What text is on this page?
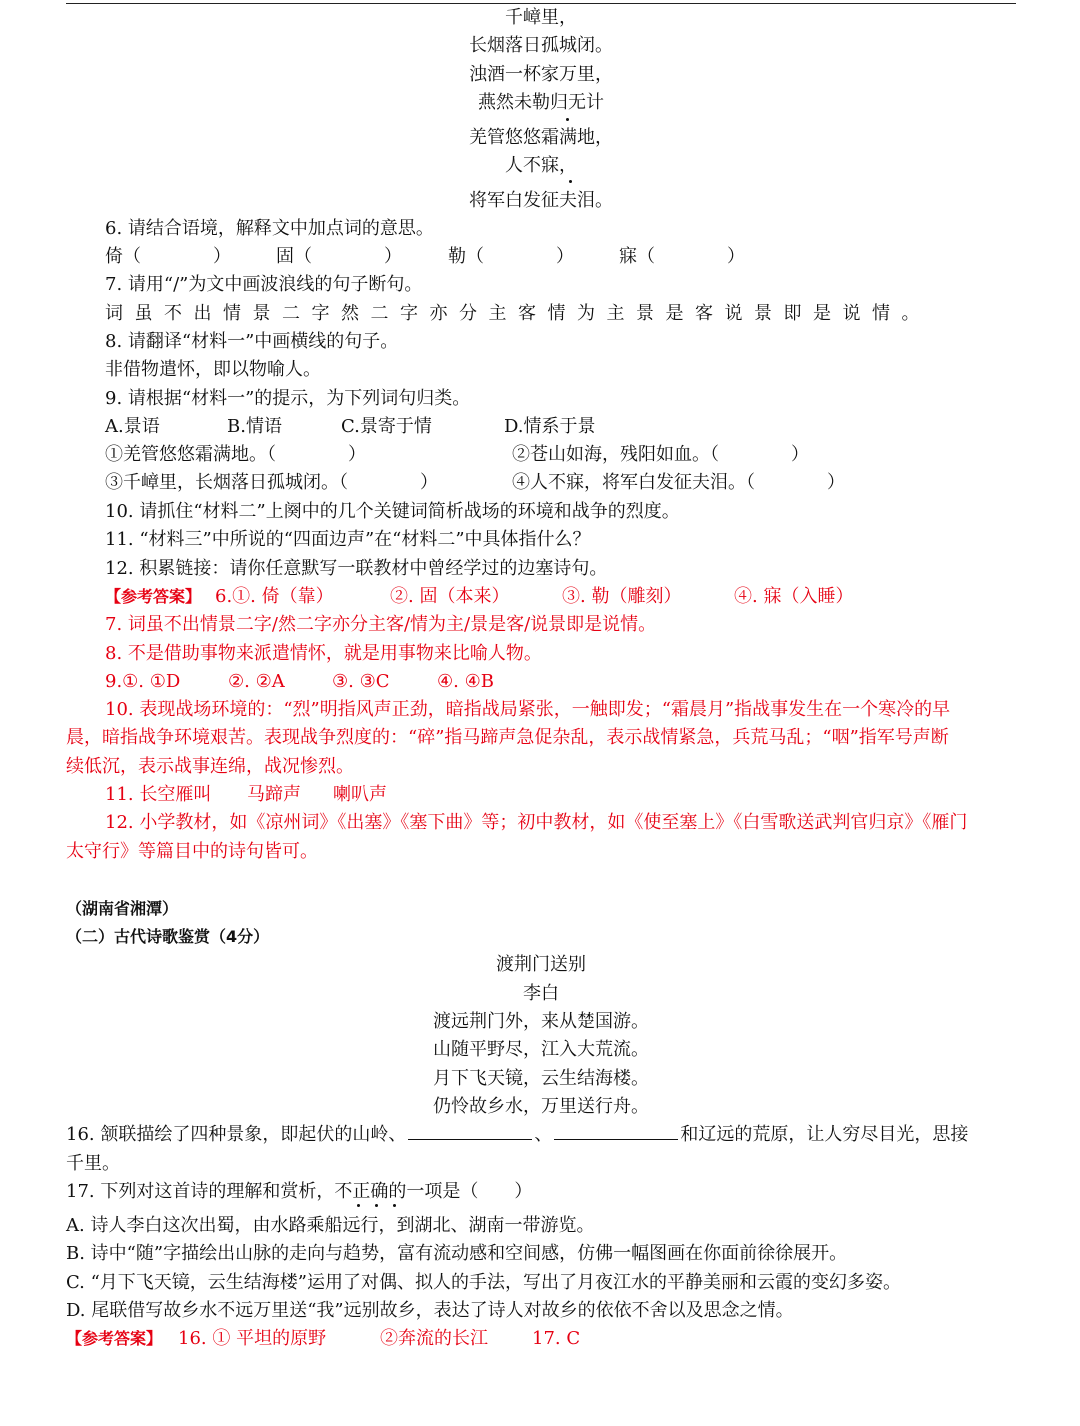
千嶂里，
长烟落日孤城闭。
浊酒一杯家万里，
燕然未勒归无计
羌管悠悠霜满地，
人不寐，
将军白发征夫泪。
6. 请结合语境，解释文中加点词的意思。
倚（　　　　）	固（　　　　）	勒（　　　　）	寐（　　　　）
7. 请用“/”为文中画波浪线的句子断句。
词虽不出情景二字然二字亦分主客情为主景是客说景即是说情。
8. 请翻译“材料一”中画横线的句子。
非借物遣怀，即以物喻人。
9. 请根据“材料一”的提示，为下列词句归类。
A.景语	B.情语	C.景寄于情	D.情系于景
①羌管悠悠霜满地。（　　　　）	②苍山如海，残阳如血。（　　　　）
③千嶂里，长烟落日孤城闭。（　　　　）	④人不寐，将军白发征夫泪。（　　　　）
10. 请抓住“材料二”上阕中的几个关键词简析战场的环境和战争的烈度。
11. “材料三”中所说的“四面边声”在“材料二”中具体指什么？
12. 积累链接：请你任意默写一联教材中曾经学过的边塞诗句。
【参考答案】 6.①. 倚（靠）	②. 固（本来）	③. 勒（雕刻）	④. 寐（入睡）
7. 词虽不出情景二字/然二字亦分主客/情为主/景是客/说景即是说情。
8. 不是借助事物来派遣情怀，就是用事物来比喻人物。
9.①. ①D	②. ②A	③. ③C	④. ④B
10. 表现战场环境的：“烈”明指风声正劲，暗指战局紧张，一触即发；“霜晨月”指战事发生在一个寒冷的早
晨，暗指战争环境艰苦。表现战争烈度的：“碎”指马蹄声急促杂乱，表示战情紧急，兵荒马乱；“咽”指军号声断
续低沉，表示战事连绵，战况惨烈。
11. 长空雁叫 马蹄声 喇叭声
12. 小学教材，如《凉州词》《出塞》《塞下曲》等；初中教材，如《使至塞上》《白雪歌送武判官归京》《雁门
太守行》等篇目中的诗句皆可。
（湖南省湘潭）
（二）古代诗歌鉴赏（4分）
渡荆门送别
李白
渡远荆门外，来从楚国游。
山随平野尽，江入大荒流。
月下飞天镜，云生结海楼。
仍怜故乡水，万里送行舟。
16. 颔联描绘了四种景象，即起伏的山岭、	、	和辽远的荒原，让人穷尽目光，思接
千里。
17. 下列对这首诗的理解和赏析，不正确的一项是（　　）
A. 诗人李白这次出蜀，由水路乘船远行，到湖北、湖南一带游览。
B. 诗中“随”字描绘出山脉的走向与趋势，富有流动感和空间感，仿佛一幅图画在你面前徐徐展开。
C. “月下飞天镜，云生结海楼”运用了对偶、拟人的手法，写出了月夜江水的平静美丽和云霞的变幻多姿。
D. 尾联借写故乡水不远万里送“我”远别故乡，表达了诗人对故乡的依依不舍以及思念之情。
【参考答案】 16. ① 平坦的原野	②奔流的长江 17. C
